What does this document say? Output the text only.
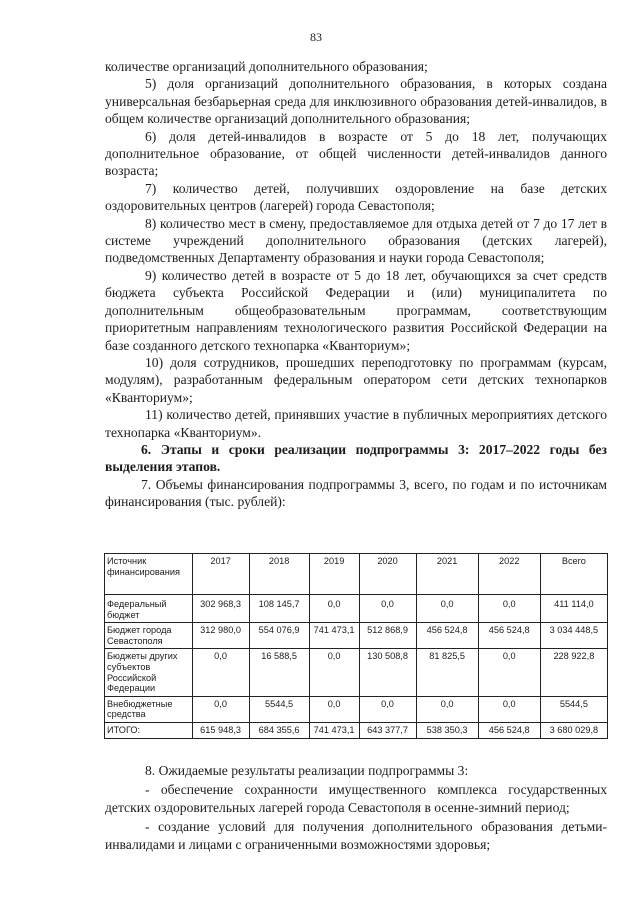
83

количестве организаций дополнительного образования;

5) доля организаций дополнительного образования, в которых создана универсальная безбарьерная среда для инклюзивного образования детей-инвалидов, в общем количестве организаций дополнительного образования;

6) доля детей-инвалидов в возрасте от 5 до 18 лет, получающих дополнительное образование, от общей численности детей-инвалидов данного возраста;

7) количество детей, получивших оздоровление на базе детских оздоровительных центров (лагерей) города Севастополя;

8) количество мест в смену, предоставляемое для отдыха детей от 7 до 17 лет в системе учреждений дополнительного образования (детских лагерей), подведомственных Департаменту образования и науки города Севастополя;

9) количество детей в возрасте от 5 до 18 лет, обучающихся за счет средств бюджета субъекта Российской Федерации и (или) муниципалитета по дополнительным общеобразовательным программам, соответствующим приоритетным направлениям технологического развития Российской Федерации на базе созданного детского технопарка «Кванториум»;

10) доля сотрудников, прошедших переподготовку по программам (курсам, модулям), разработанным федеральным оператором сети детских технопарков «Кванториум»;

11) количество детей, принявших участие в публичных мероприятиях детского технопарка «Кванториум».

6. Этапы и сроки реализации подпрограммы 3: 2017–2022 годы без выделения этапов.

7. Объемы финансирования подпрограммы 3, всего, по годам и по источникам финансирования (тыс. рублей):

Источник финансирования	2017	2018	2019	2020	2021	2022	Всего
Федеральный бюджет	302 968,3	108 145,7	0,0	0,0	0,0	0,0	411 114,0
Бюджет города Севастополя	312 980,0	554 076,9	741 473,1	512 868,9	456 524,8	456 524,8	3 034 448,5
Бюджеты других субъектов Российской Федерации	0,0	16 588,5	0,0	130 508,8	81 825,5	0,0	228 922,8
Внебюджетные средства	0,0	5544,5	0,0	0,0	0,0	0,0	5544,5
ИТОГО:	615 948,3	684 355,6	741 473,1	643 377,7	538 350,3	456 524,8	3 680 029,8

8. Ожидаемые результаты реализации подпрограммы 3:

- обеспечение сохранности имущественного комплекса государственных детских оздоровительных лагерей города Севастополя в осенне-зимний период;

- создание условий для получения дополнительного образования детьми-инвалидами и лицами с ограниченными возможностями здоровья;
